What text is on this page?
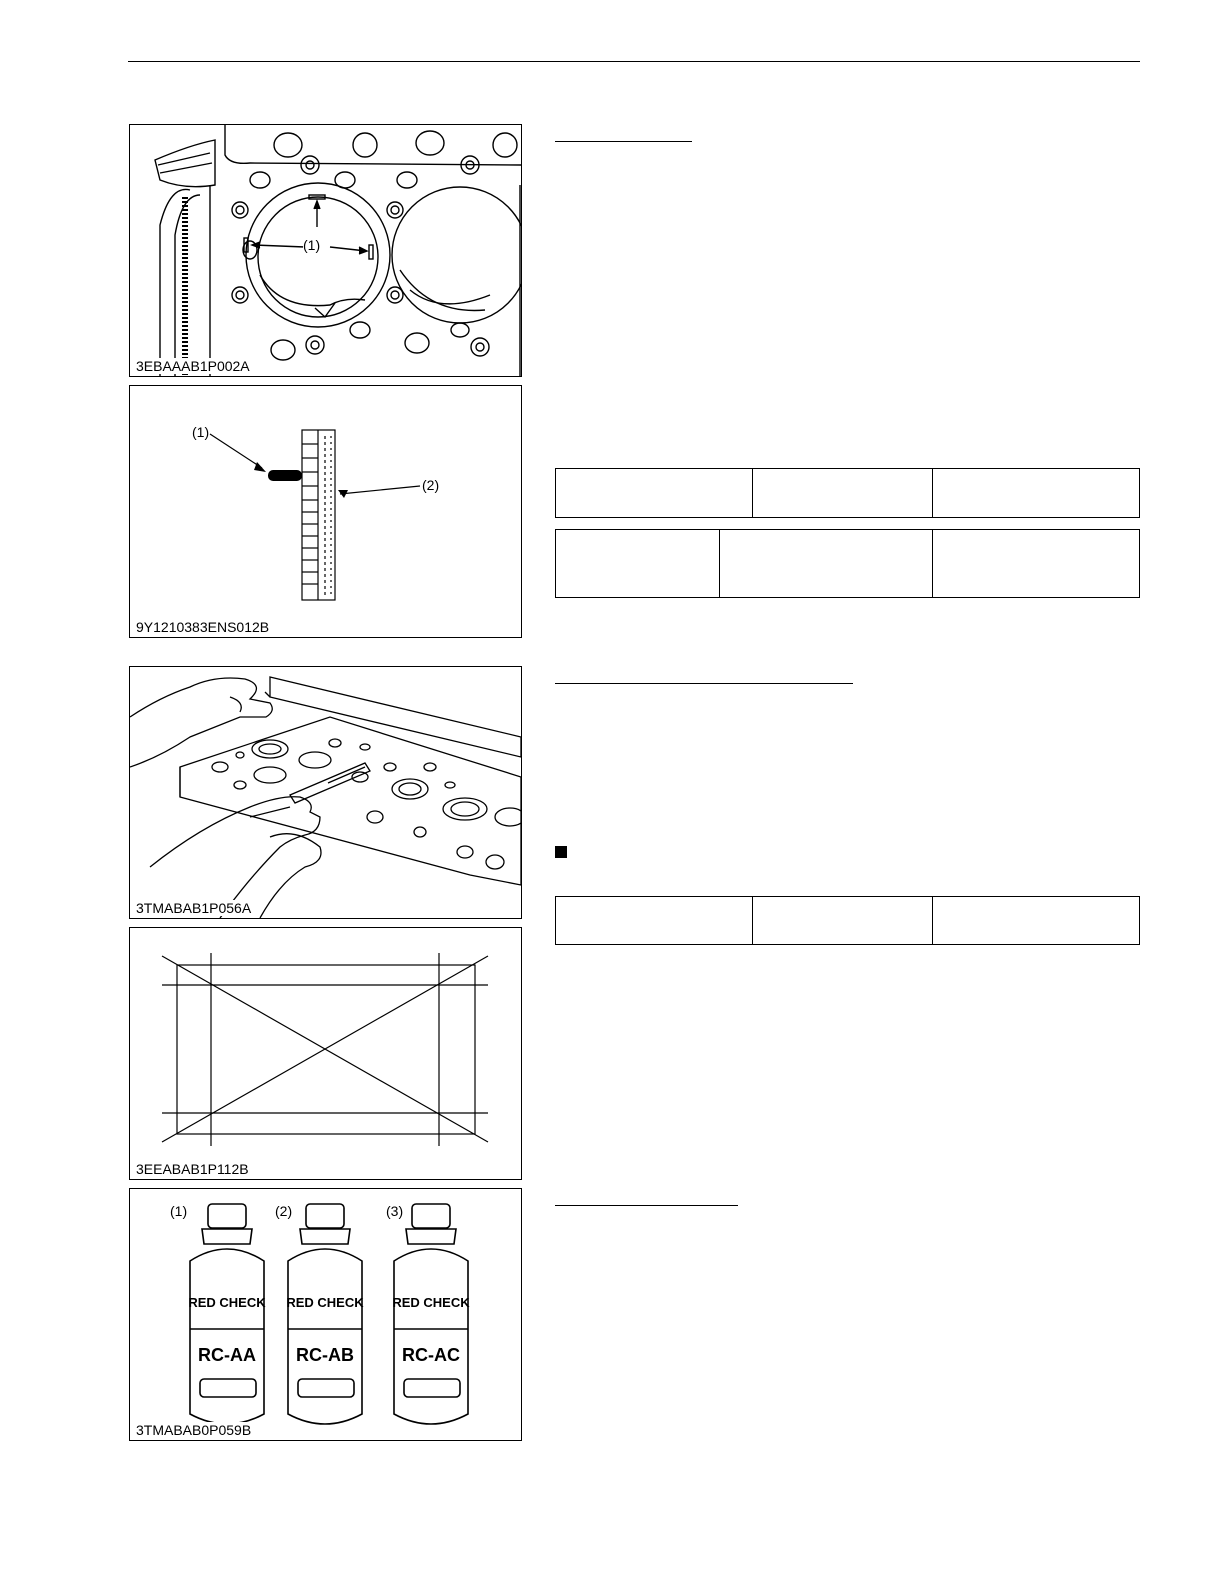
(1)
3EBAAAB1P002A
(1)
(2)
9Y1210383ENS012B
3TMABAB1P056A
3EEABAB1P112B
RED CHECK
RC-AA
RED CHECK
RC-AB
RED CHECK
RC-AC
(1)	(2)	(3)
3TMABAB0P059B
